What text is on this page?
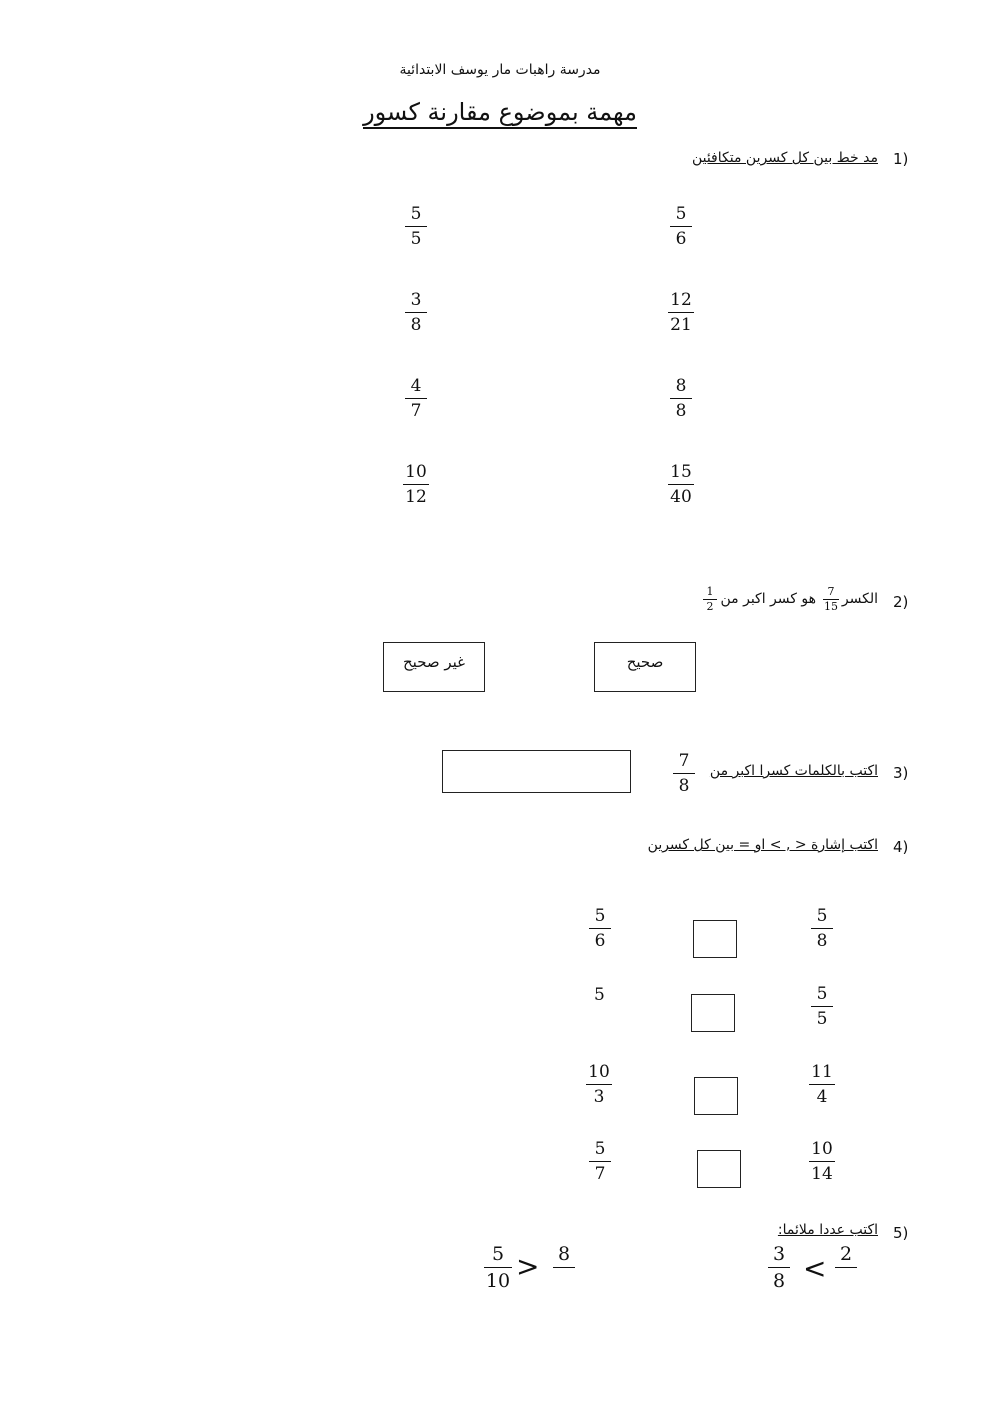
مدرسة راهبات مار يوسف الابتدائية
مهمة بموضوع مقارنة كسور
1)
مد خط بين كل كسرين متكافئين
5
5
3
8
4
7
10
12
5
6
12
21
8
8
15
40
2)
الكسر
7
15
هو كسر اكبر من
1
2
صحيح
غير صحيح
3)
اكتب بالكلمات كسرا اكبر من
7
8
4)
اكتب إشارة < , > او = بين كل كسرين
5
6
5
8
5	5
5
10
3
11
4
5
7
10
14
5)
اكتب عددا ملائما:
5
10 > 8	3
8 < 2
